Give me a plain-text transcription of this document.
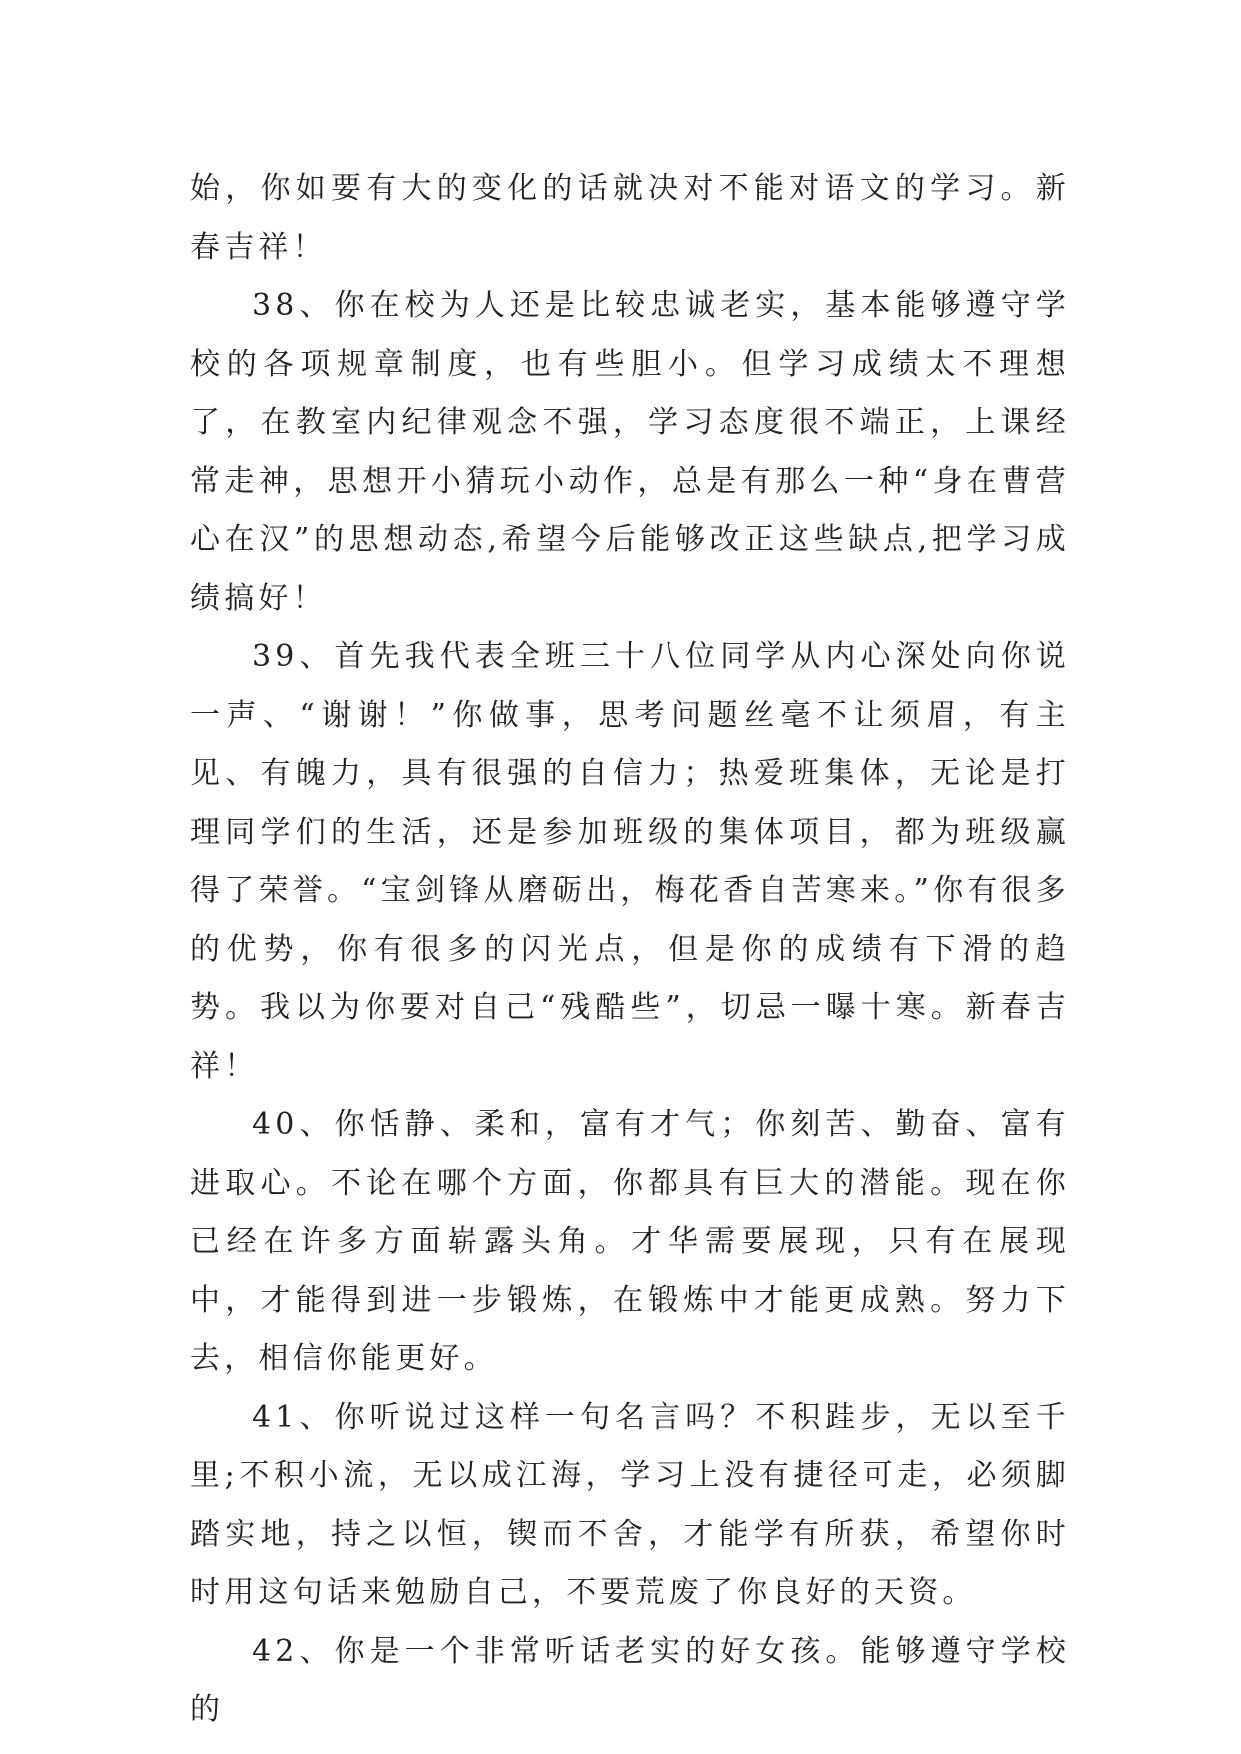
始，你如要有大的变化的话就决对不能对语文的学习。新春吉祥！

38、你在校为人还是比较忠诚老实，基本能够遵守学校的各项规章制度，也有些胆小。但学习成绩太不理想了，在教室内纪律观念不强，学习态度很不端正，上课经常走神，思想开小猜玩小动作，总是有那么一种“身在曹营心在汉”的思想动态,希望今后能够改正这些缺点,把学习成绩搞好！

39、首先我代表全班三十八位同学从内心深处向你说一声、“谢谢！”你做事，思考问题丝毫不让须眉，有主见、有魄力，具有很强的自信力；热爱班集体，无论是打理同学们的生活，还是参加班级的集体项目，都为班级赢得了荣誉。“宝剑锋从磨砺出，梅花香自苦寒来。”你有很多的优势，你有很多的闪光点，但是你的成绩有下滑的趋势。我以为你要对自己“残酷些”，切忌一曝十寒。新春吉祥！

40、你恬静、柔和，富有才气；你刻苦、勤奋、富有进取心。不论在哪个方面，你都具有巨大的潜能。现在你已经在许多方面崭露头角。才华需要展现，只有在展现中，才能得到进一步锻炼，在锻炼中才能更成熟。努力下去，相信你能更好。

41、你听说过这样一句名言吗？不积跬步，无以至千里;不积小流，无以成江海，学习上没有捷径可走，必须脚踏实地，持之以恒，锲而不舍，才能学有所获，希望你时时用这句话来勉励自己，不要荒废了你良好的天资。

42、你是一个非常听话老实的好女孩。能够遵守学校的
